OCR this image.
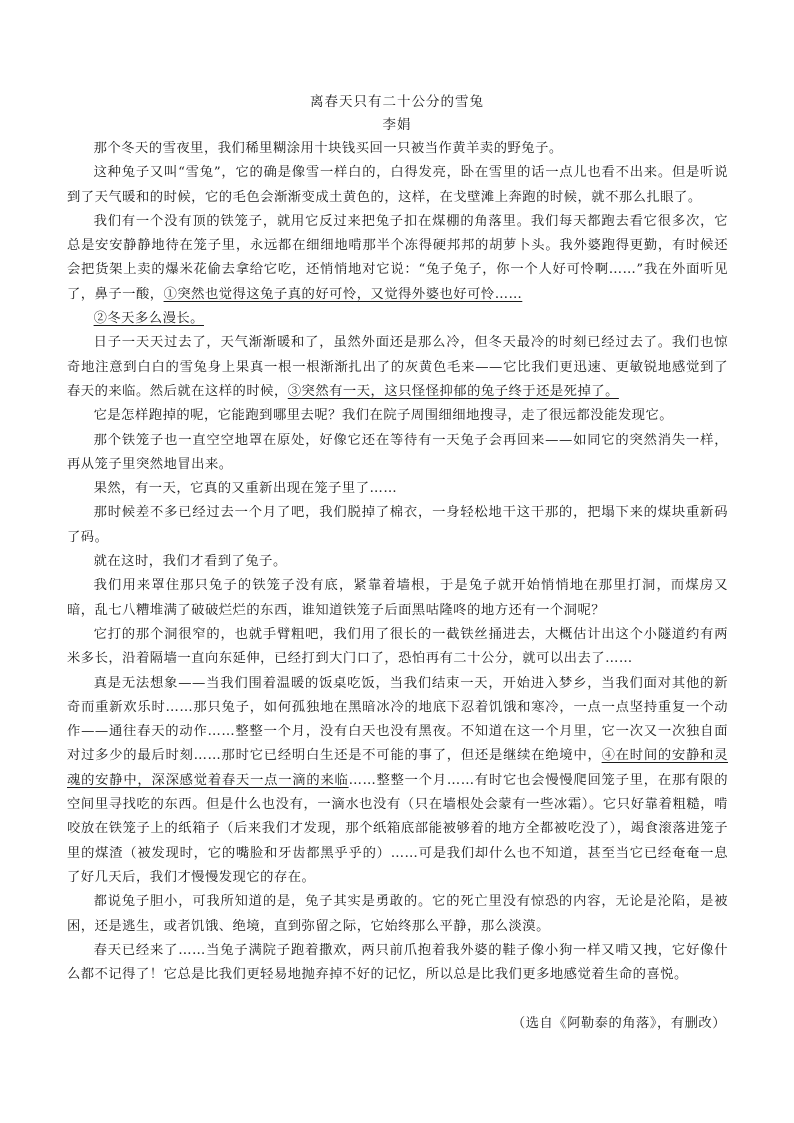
离春天只有二十公分的雪兔
李娟

那个冬天的雪夜里，我们稀里糊涂用十块钱买回一只被当作黄羊卖的野兔子。

这种兔子又叫“雪兔”，它的确是像雪一样白的，白得发亮，卧在雪里的话一点儿也看不出来。但是听说到了天气暖和的时候，它的毛色会渐渐变成土黄色的，这样，在戈壁滩上奔跑的时候，就不那么扎眼了。

我们有一个没有顶的铁笼子，就用它反过来把兔子扣在煤棚的角落里。我们每天都跑去看它很多次，它总是安安静静地待在笼子里，永远都在细细地啃那半个冻得硬邦邦的胡萝卜头。我外婆跑得更勤，有时候还会把货架上卖的爆米花偷去拿给它吃，还悄悄地对它说：“兔子兔子，你一个人好可怜啊……”我在外面听见了，鼻子一酸，①突然也觉得这兔子真的好可怜，又觉得外婆也好可怜……

②冬天多么漫长。

日子一天天过去了，天气渐渐暖和了，虽然外面还是那么冷，但冬天最冷的时刻已经过去了。我们也惊奇地注意到白白的雪兔身上果真一根一根渐渐扎出了的灰黄色毛来——它比我们更迅速、更敏锐地感觉到了春天的来临。然后就在这样的时候，③突然有一天，这只怪怪抑郁的兔子终于还是死掉了。

它是怎样跑掉的呢，它能跑到哪里去呢？我们在院子周围细细地搜寻，走了很远都没能发现它。

那个铁笼子也一直空空地罩在原处，好像它还在等待有一天兔子会再回来——如同它的突然消失一样，再从笼子里突然地冒出来。

果然，有一天，它真的又重新出现在笼子里了……

那时候差不多已经过去一个月了吧，我们脱掉了棉衣，一身轻松地干这干那的，把塌下来的煤块重新码了码。

就在这时，我们才看到了兔子。

我们用来罩住那只兔子的铁笼子没有底，紧靠着墙根，于是兔子就开始悄悄地在那里打洞，而煤房又暗，乱七八糟堆满了破破烂烂的东西，谁知道铁笼子后面黑咕隆咚的地方还有一个洞呢？

它打的那个洞很窄的，也就手臂粗吧，我们用了很长的一截铁丝捅进去，大概估计出这个小隧道约有两米多长，沿着隔墙一直向东延伸，已经打到大门口了，恐怕再有二十公分，就可以出去了……

真是无法想象——当我们围着温暖的饭桌吃饭，当我们结束一天，开始进入梦乡，当我们面对其他的新奇而重新欢乐时……那只兔子，如何孤独地在黑暗冰冷的地底下忍着饥饿和寒冷，一点一点坚持重复一个动作——通往春天的动作……整整一个月，没有白天也没有黑夜。不知道在这一个月里，它一次又一次独自面对过多少的最后时刻……那时它已经明白生还是不可能的事了，但还是继续在绝境中，④在时间的安静和灵魂的安静中，深深感觉着春天一点一滴的来临……整整一个月……有时它也会慢慢爬回笼子里，在那有限的空间里寻找吃的东西。但是什么也没有，一滴水也没有（只在墙根处会蒙有一些冰霜）。它只好靠着粗糙，啃咬放在铁笼子上的纸箱子（后来我们才发现，那个纸箱底部能被够着的地方全都被吃没了），竭食滚落进笼子里的煤渣（被发现时，它的嘴脸和牙齿都黑乎乎的）……可是我们却什么也不知道，甚至当它已经奄奄一息了好几天后，我们才慢慢发现它的存在。

都说兔子胆小，可我所知道的是，兔子其实是勇敢的。它的死亡里没有惊恐的内容，无论是沦陷，是被困，还是逃生，或者饥饿、绝境，直到弥留之际，它始终那么平静，那么淡漠。

春天已经来了……当兔子满院子跑着撒欢，两只前爪抱着我外婆的鞋子像小狗一样又啃又拽，它好像什么都不记得了！它总是比我们更轻易地抛弃掉不好的记忆，所以总是比我们更多地感觉着生命的喜悦。

（选自《阿勒泰的角落》，有删改）
